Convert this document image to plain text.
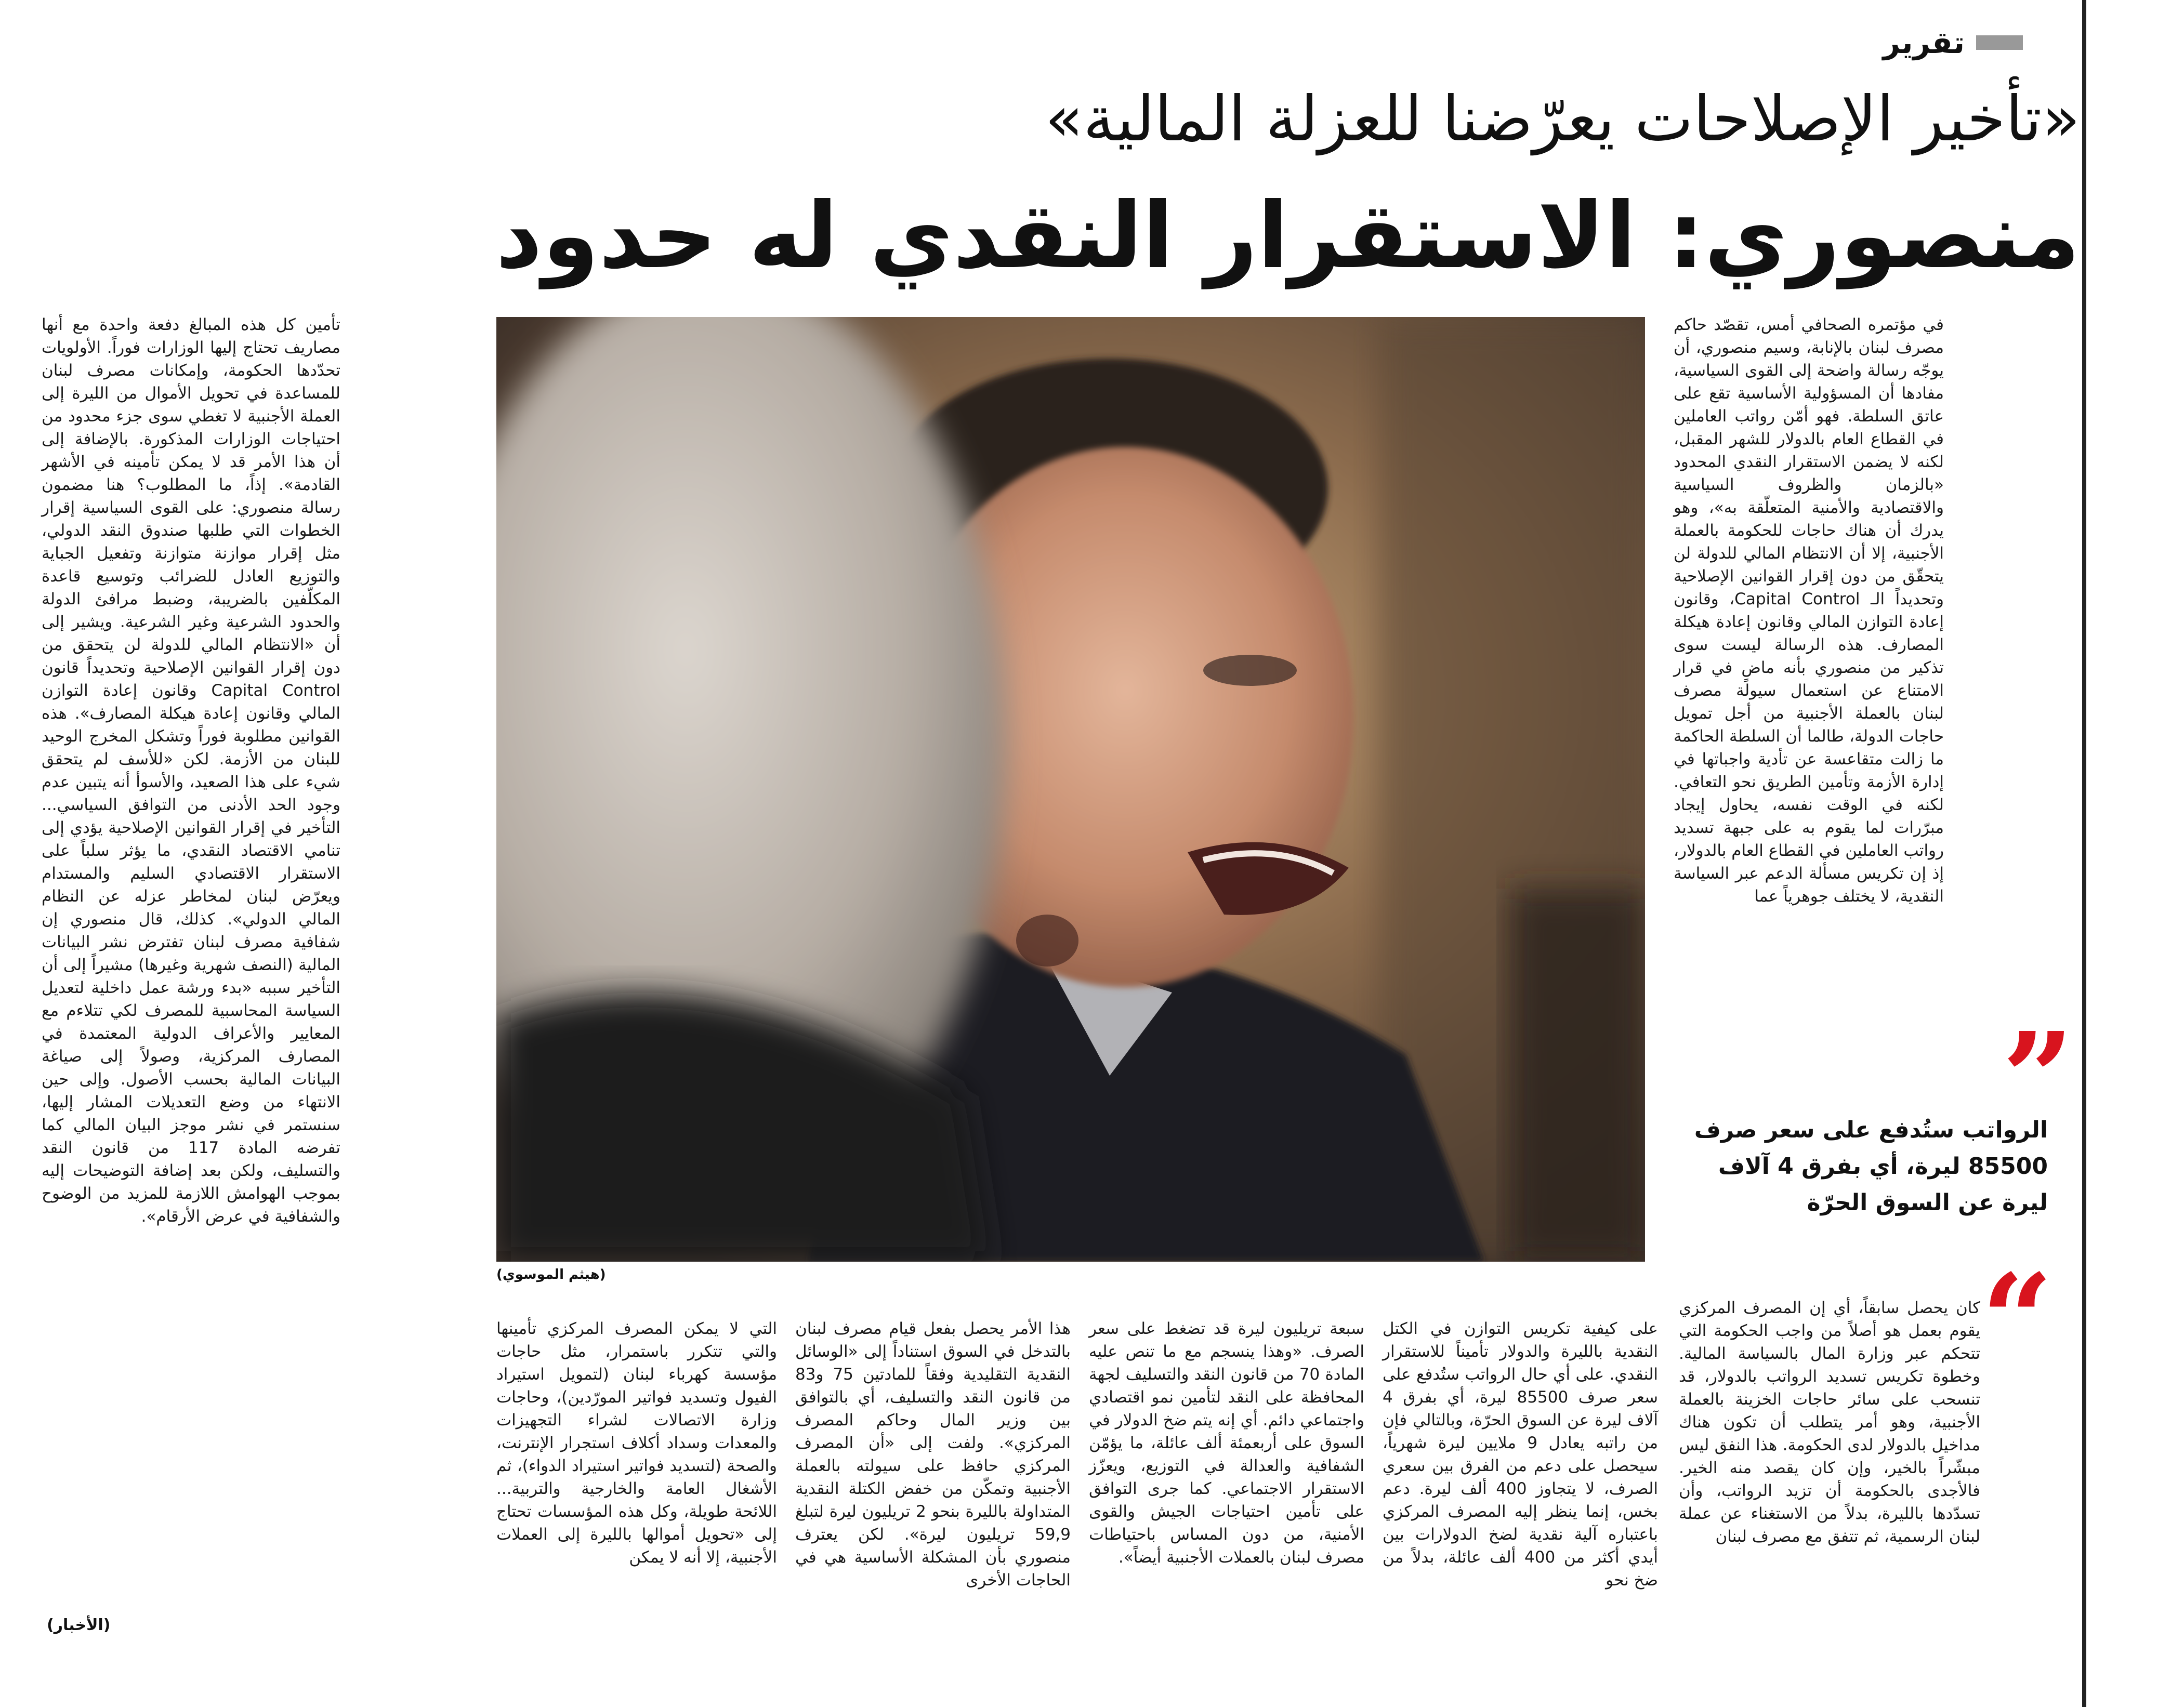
تقرير
«تأخير الإصلاحات يعرّضنا للعزلة المالية»
منصوري: الاستقرار النقدي له حدود

في مؤتمره الصحافي أمس، تقصّد حاكم مصرف لبنان بالإنابة، وسيم منصوري، أن يوجّه رسالة واضحة إلى القوى السياسية، مفادها أن المسؤولية الأساسية تقع على عاتق السلطة. فهو أمّن رواتب العاملين في القطاع العام بالدولار للشهر المقبل، لكنه لا يضمن الاستقرار النقدي المحدود «بالزمان والظروف السياسية والاقتصادية والأمنية المتعلّقة به»، وهو يدرك أن هناك حاجات للحكومة بالعملة الأجنبية، إلا أن الانتظام المالي للدولة لن يتحقّق من دون إقرار القوانين الإصلاحية وتحديداً الـ Capital Control، وقانون إعادة التوازن المالي وقانون إعادة هيكلة المصارف. هذه الرسالة ليست سوى تذكير من منصوري بأنه ماضٍ في قرار الامتناع عن استعمال سيولة مصرف لبنان بالعملة الأجنبية من أجل تمويل حاجات الدولة، طالما أن السلطة الحاكمة ما زالت متقاعسة عن تأدية واجباتها في إدارة الأزمة وتأمين الطريق نحو التعافي. لكنه في الوقت نفسه، يحاول إيجاد مبرّرات لما يقوم به على جبهة تسديد رواتب العاملين في القطاع العام بالدولار، إذ إن تكريس مسألة الدعم عبر السياسة النقدية، لا يختلف جوهرياً عما

(هيثم الموسوي)
”
الرواتب ستُدفع على سعر صرف 85500 ليرة، أي بفرق 4 آلاف ليرة عن السوق الحرّة
“

كان يحصل سابقاً، أي إن المصرف المركزي يقوم بعمل هو أصلاً من واجب الحكومة التي تتحكم عبر وزارة المال بالسياسة المالية. وخطوة تكريس تسديد الرواتب بالدولار، قد تنسحب على سائر حاجات الخزينة بالعملة الأجنبية، وهو أمر يتطلب أن تكون هناك مداخيل بالدولار لدى الحكومة. هذا النفق ليس مبشّراً بالخير، وإن كان يقصد منه الخير. فالأجدى بالحكومة أن تزيد الرواتب، وأن تسدّدها بالليرة، بدلاً من الاستغناء عن عملة لبنان الرسمية، ثم تتفق مع مصرف لبنان

على كيفية تكريس التوازن في الكتل النقدية بالليرة والدولار تأميناً للاستقرار النقدي. على أي حال الرواتب ستُدفع على سعر صرف 85500 ليرة، أي بفرق 4 آلاف ليرة عن السوق الحرّة، وبالتالي فإن من راتبه يعادل 9 ملايين ليرة شهرياً، سيحصل على دعم من الفرق بين سعري الصرف، لا يتجاوز 400 ألف ليرة. دعم بخس، إنما ينظر إليه المصرف المركزي باعتباره آلية نقدية لضخ الدولارات بين أيدي أكثر من 400 ألف عائلة، بدلاً من ضخ نحو

سبعة تريليون ليرة قد تضغط على سعر الصرف. «وهذا ينسجم مع ما تنص عليه المادة 70 من قانون النقد والتسليف لجهة المحافظة على النقد لتأمين نمو اقتصادي واجتماعي دائم. أي إنه يتم ضخ الدولار في السوق على أربعمئة ألف عائلة، ما يؤمّن الشفافية والعدالة في التوزيع، ويعزّز الاستقرار الاجتماعي. كما جرى التوافق على تأمين احتياجات الجيش والقوى الأمنية، من دون المساس باحتياطات مصرف لبنان بالعملات الأجنبية أيضاً».

هذا الأمر يحصل بفعل قيام مصرف لبنان بالتدخل في السوق استناداً إلى «الوسائل النقدية التقليدية وفقاً للمادتين 75 و83 من قانون النقد والتسليف، أي بالتوافق بين وزير المال وحاكم المصرف المركزي». ولفت إلى «أن المصرف المركزي حافظ على سيولته بالعملة الأجنبية وتمكّن من خفض الكتلة النقدية المتداولة بالليرة بنحو 2 تريليون ليرة لتبلغ 59,9 تريليون ليرة». لكن يعترف منصوري بأن المشكلة الأساسية هي في الحاجات الأخرى

التي لا يمكن المصرف المركزي تأمينها والتي تتكرر باستمرار، مثل حاجات مؤسسة كهرباء لبنان (لتمويل استيراد الفيول وتسديد فواتير المورّدين)، وحاجات وزارة الاتصالات لشراء التجهيزات والمعدات وسداد أكلاف استجرار الإنترنت، والصحة (لتسديد فواتير استيراد الدواء)، ثم الأشغال العامة والخارجية والتربية... اللائحة طويلة، وكل هذه المؤسسات تحتاج إلى «تحويل أموالها بالليرة إلى العملات الأجنبية، إلا أنه لا يمكن

تأمين كل هذه المبالغ دفعة واحدة مع أنها مصاريف تحتاج إليها الوزارات فوراً. الأولويات تحدّدها الحكومة، وإمكانات مصرف لبنان للمساعدة في تحويل الأموال من الليرة إلى العملة الأجنبية لا تغطي سوى جزء محدود من احتياجات الوزارات المذكورة. بالإضافة إلى أن هذا الأمر قد لا يمكن تأمينه في الأشهر القادمة». إذاً، ما المطلوب؟ هنا مضمون رسالة منصوري: على القوى السياسية إقرار الخطوات التي طلبها صندوق النقد الدولي، مثل إقرار موازنة متوازنة وتفعيل الجباية والتوزيع العادل للضرائب وتوسيع قاعدة المكلّفين بالضريبة، وضبط مرافئ الدولة والحدود الشرعية وغير الشرعية. ويشير إلى أن «الانتظام المالي للدولة لن يتحقق من دون إقرار القوانين الإصلاحية وتحديداً قانون Capital Control وقانون إعادة التوازن المالي وقانون إعادة هيكلة المصارف». هذه القوانين مطلوبة فوراً وتشكل المخرج الوحيد للبنان من الأزمة. لكن «للأسف لم يتحقق شيء على هذا الصعيد، والأسوأ أنه يتبين عدم وجود الحد الأدنى من التوافق السياسي... التأخير في إقرار القوانين الإصلاحية يؤدي إلى تنامي الاقتصاد النقدي، ما يؤثر سلباً على الاستقرار الاقتصادي السليم والمستدام ويعرّض لبنان لمخاطر عزله عن النظام المالي الدولي». كذلك، قال منصوري إن شفافية مصرف لبنان تفترض نشر البيانات المالية (النصف شهرية وغيرها) مشيراً إلى أن التأخير سببه «بدء ورشة عمل داخلية لتعديل السياسة المحاسبية للمصرف لكي تتلاءم مع المعايير والأعراف الدولية المعتمدة في المصارف المركزية، وصولاً إلى صياغة البيانات المالية بحسب الأصول. وإلى حين الانتهاء من وضع التعديلات المشار إليها، سنستمر في نشر موجز البيان المالي كما تفرضه المادة 117 من قانون النقد والتسليف، ولكن بعد إضافة التوضيحات إليه بموجب الهوامش اللازمة للمزيد من الوضوح والشفافية في عرض الأرقام».

(الأخبار)
